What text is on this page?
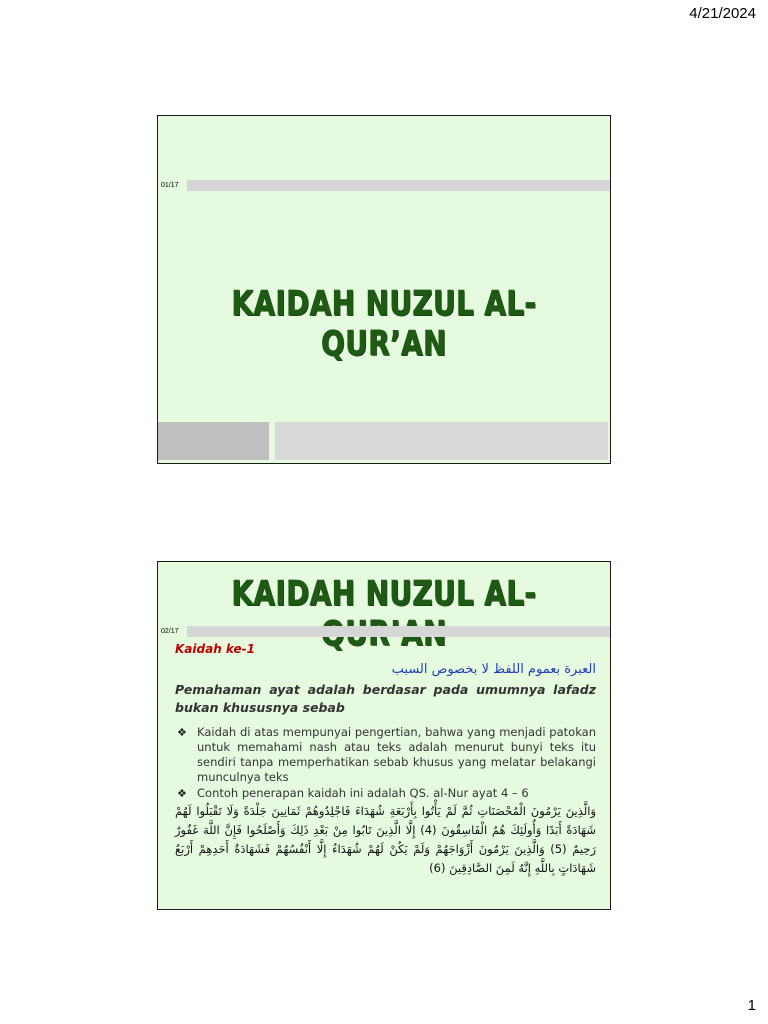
4/21/2024
01/17
KAIDAH NUZUL AL-QUR’AN
KAIDAH NUZUL AL-
02/17
Kaidah ke-1
العبرة بعموم اللفظ لا بخصوص السبب
Pemahaman ayat adalah berdasar pada umumnya lafadz bukan khususnya sebab
❖ Kaidah di atas mempunyai pengertian, bahwa yang menjadi patokan untuk memahami nash atau teks adalah menurut bunyi teks itu sendiri tanpa memperhatikan sebab khusus yang melatar belakangi munculnya teks
❖ Contoh penerapan kaidah ini adalah QS. al-Nur ayat 4 – 6
وَالَّذِينَ يَرْمُونَ الْمُحْصَنَاتِ ثُمَّ لَمْ يَأْتُوا بِأَرْبَعَةِ شُهَدَاءَ فَاجْلِدُوهُمْ ثَمَانِينَ جَلْدَةً وَلَا تَقْبَلُوا لَهُمْ شَهَادَةً أَبَدًا وَأُولَئِكَ هُمُ الْفَاسِقُونَ (4) إِلَّا الَّذِينَ تَابُوا مِنْ بَعْدِ ذَلِكَ وَأَصْلَحُوا فَإِنَّ اللَّهَ غَفُورٌ رَحِيمٌ (5) وَالَّذِينَ يَرْمُونَ أَزْوَاجَهُمْ وَلَمْ يَكُنْ لَهُمْ شُهَدَاءُ إِلَّا أَنْفُسُهُمْ فَشَهَادَةُ أَحَدِهِمْ أَرْبَعُ شَهَادَاتٍ بِاللَّهِ إِنَّهُ لَمِنَ الصَّادِقِينَ (6)
1
